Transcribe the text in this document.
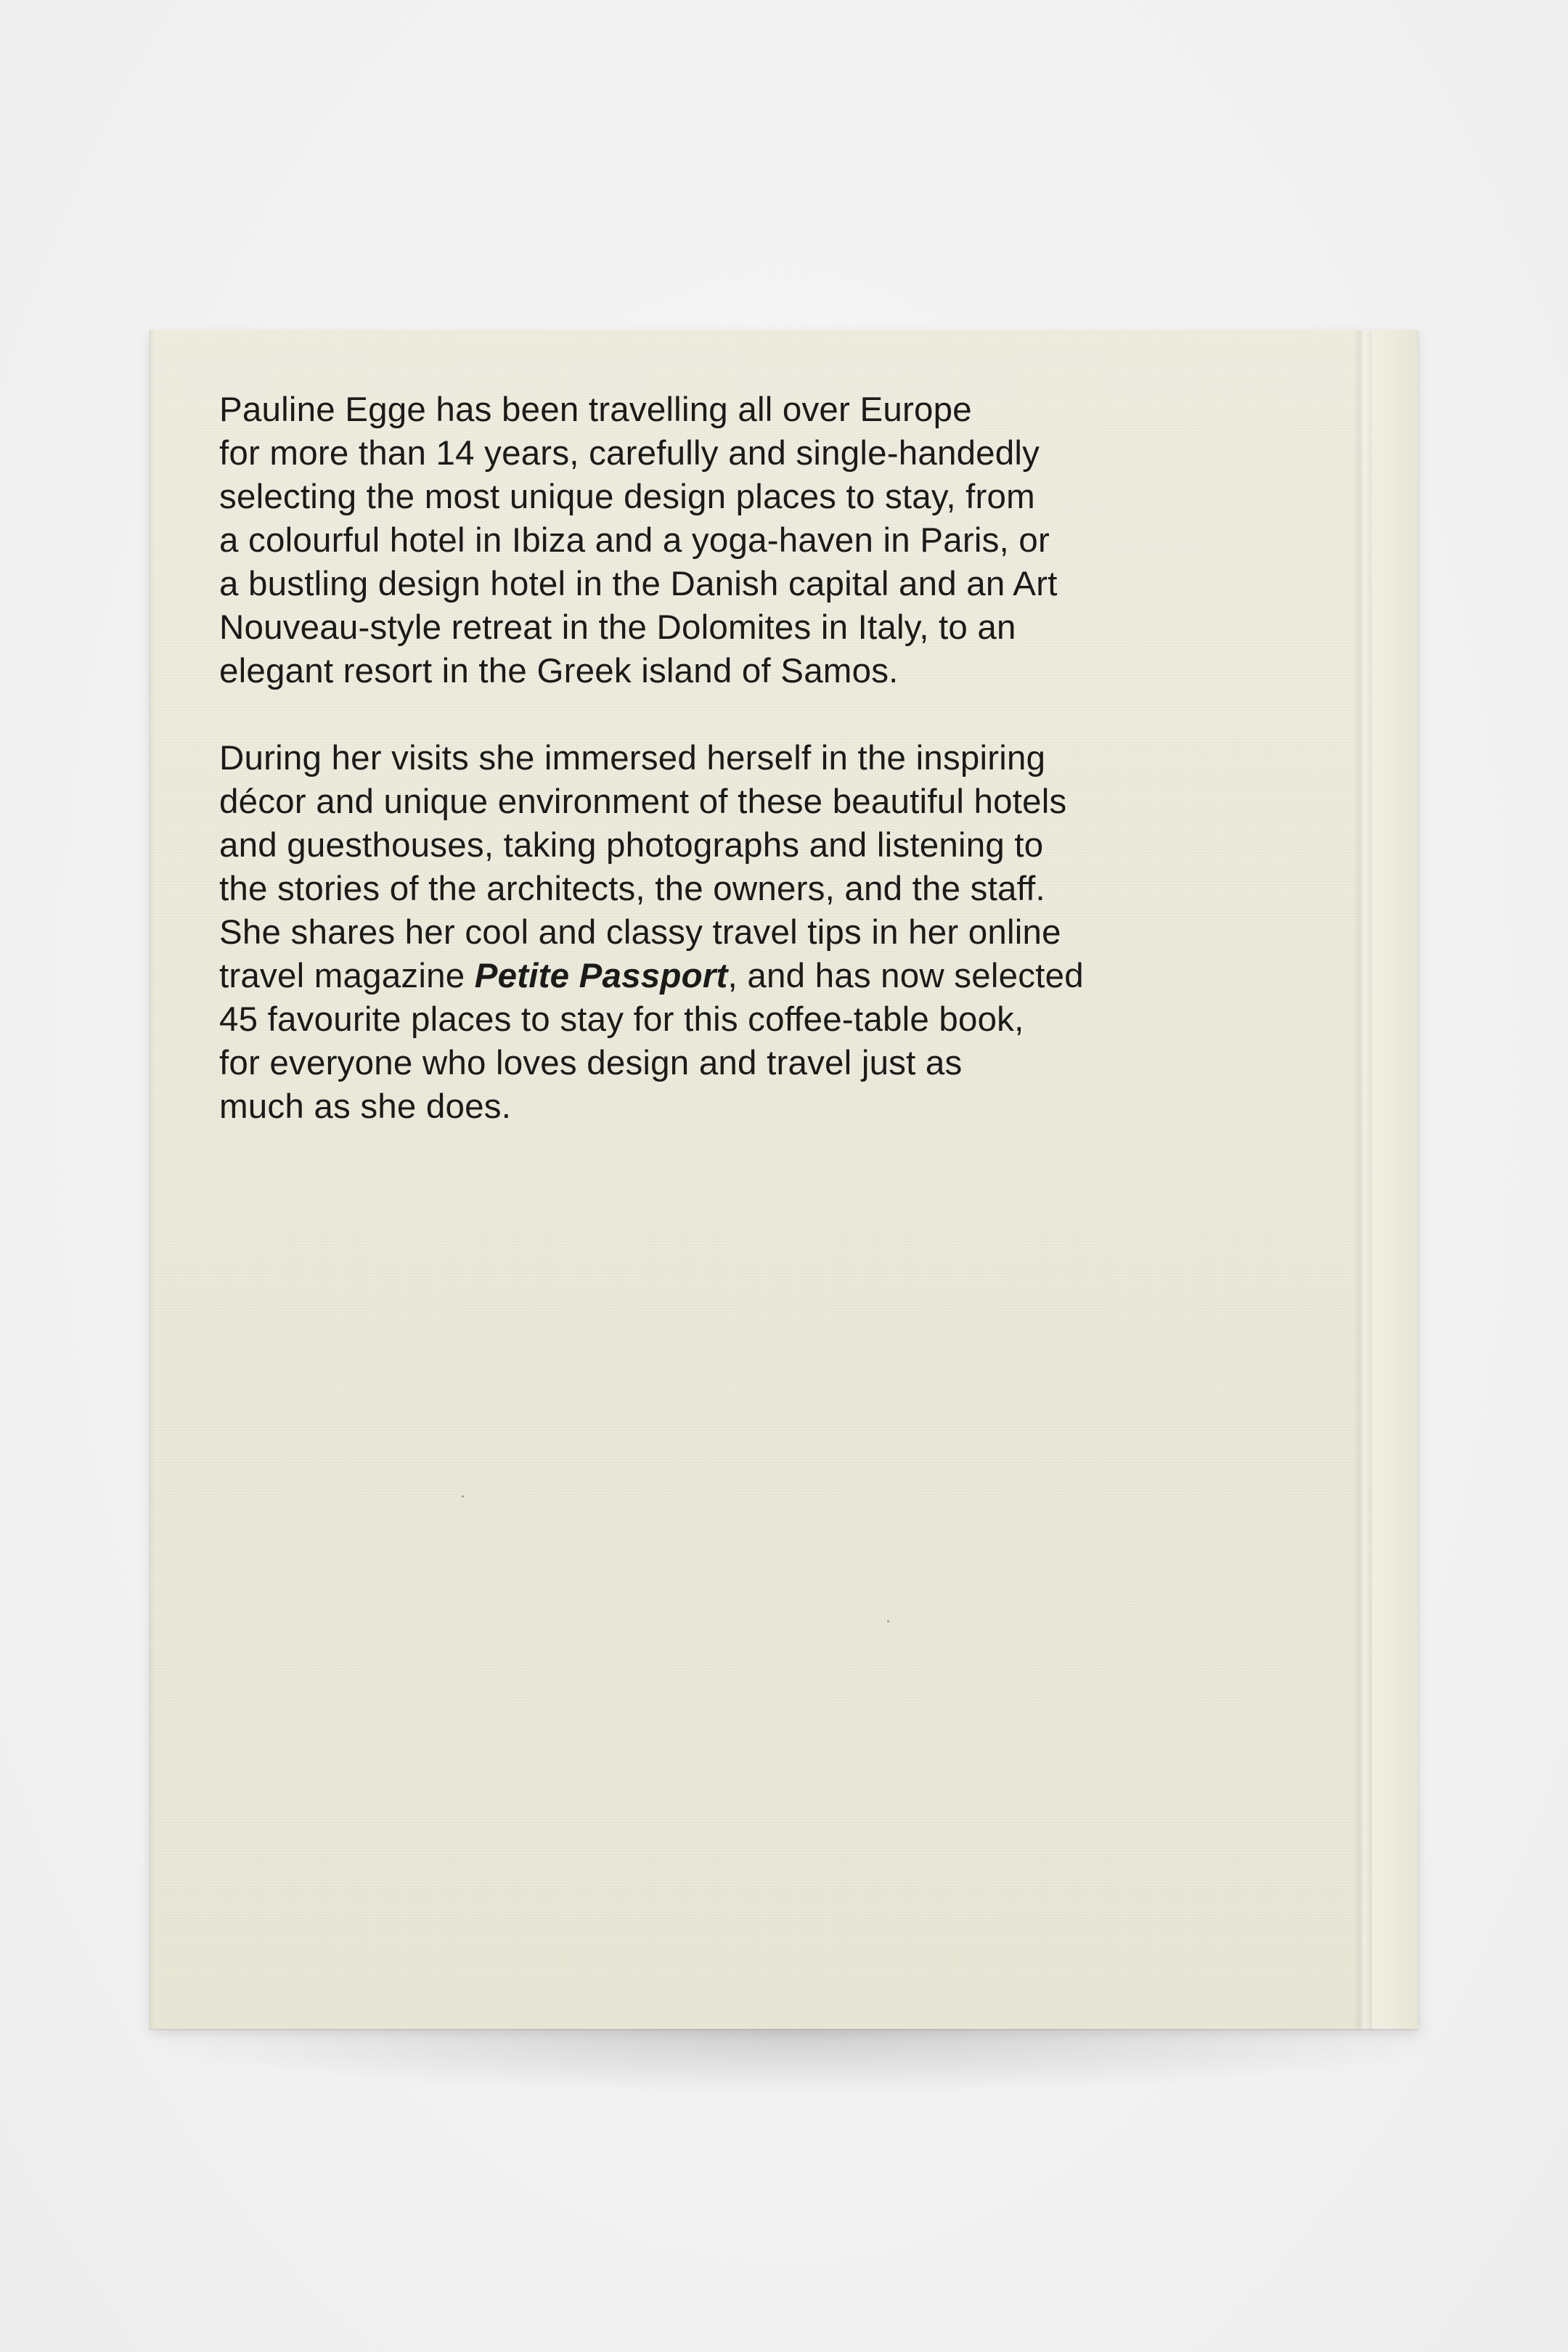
Pauline Egge has been travelling all over Europe
for more than 14 years, carefully and single-handedly
selecting the most unique design places to stay, from
a colourful hotel in Ibiza and a yoga-haven in Paris, or
a bustling design hotel in the Danish capital and an Art
Nouveau-style retreat in the Dolomites in Italy, to an
elegant resort in the Greek island of Samos.

During her visits she immersed herself in the inspiring
décor and unique environment of these beautiful hotels
and guesthouses, taking photographs and listening to
the stories of the architects, the owners, and the staff.
She shares her cool and classy travel tips in her online
travel magazine Petite Passport, and has now selected
45 favourite places to stay for this coffee-table book,
for everyone who loves design and travel just as
much as she does.
